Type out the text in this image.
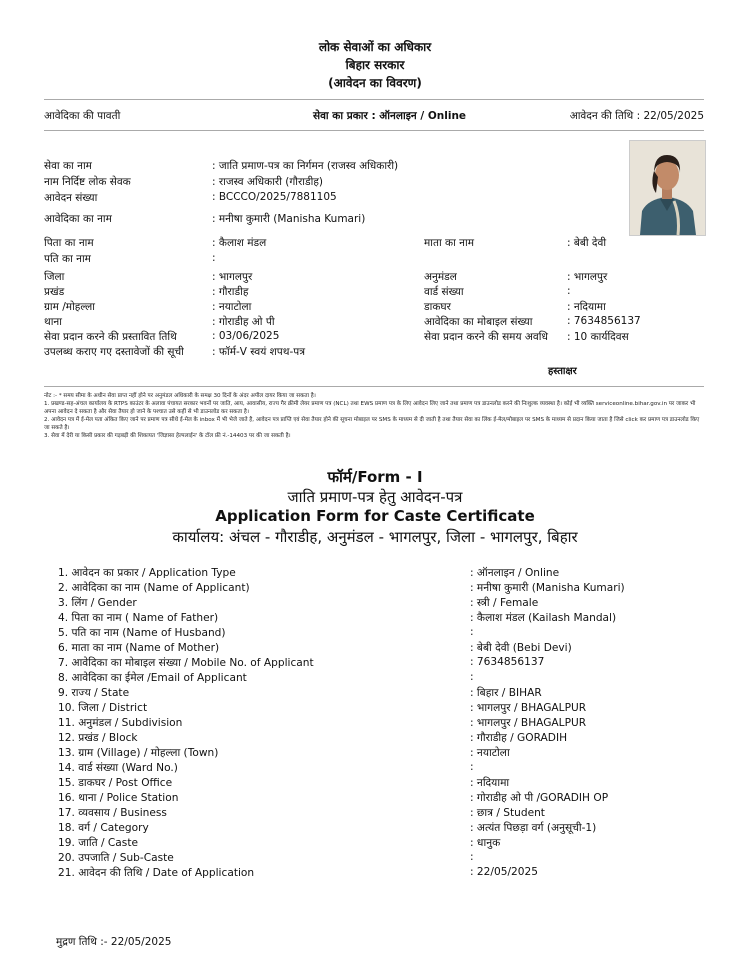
लोक सेवाओं का अधिकार
बिहार सरकार
(आवेदन का विवरण)
आवेदिका की पावती	सेवा का प्रकार : ऑनलाइन / Online	आवेदन की तिथि : 22/05/2025
सेवा का नाम	: जाति प्रमाण-पत्र का निर्गमन (राजस्व अधिकारी)
नाम निर्दिष्ट लोक सेवक	: राजस्व अधिकारी (गौराडीह)
आवेदन संख्या	: BCCCO/2025/7881105
आवेदिका का नाम	: मनीषा कुमारी (Manisha Kumari)
पिता का नाम	: कैलाश मंडल	माता का नाम	: बेबी देवी
पति का नाम	:
जिला	: भागलपुर	अनुमंडल	: भागलपुर
प्रखंड	: गौराडीह	वार्ड संख्या	:
ग्राम /मोहल्ला	: नयाटोला	डाकघर	: नदियामा
थाना	: गोराडीह ओ पी	आवेदिका का मोबाइल संख्या	: 7634856137
सेवा प्रदान करने की प्रस्तावित तिथि	: 03/06/2025	सेवा प्रदान करने की समय अवधि : 10 कार्यदिवस
उपलब्ध कराए गए दस्तावेजों की सूची	: फॉर्म-V स्वयं शपथ-पत्र
हस्ताक्षर
नोट :- * समय सीमा के अधीन सेवा प्राप्त नहीं होने पर अनुमंडल अधिकारी के समक्ष 30 दिनों के अंदर अपील दायर किया जा सकता है।
1. प्रखण्ड-सह-अंचल कार्यालय के RTPS काउंटर के अलावा पंचायत सरकार भवनों पर जाति, आय, आवासीय, राज्य गैर क्रीमी लेयर प्रमाण पत्र (NCL) तथा EWS प्रमाण पत्र के लिए आवेदन लिए जाने तथा प्रमाण पत्र डाउनलोड करने की निःशुल्क व्यवस्था है। कोई भी व्यक्ति serviceonline.bihar.gov.in पर जाकर भी अपना आवेदन दे सकता है और सेवा तैयार हो जाने के पश्चात उसे कहीं से भी डाउनलोड कर सकता है।
2. आवेदन पत्र में ई-मेल पता अंकित किए जाने पर प्रमाण पत्र सीधे ई-मेल के inbox में भी भेजे जाते है, आवेदन पत्र प्राप्ति एवं सेवा तैयार होने की सूचना मोबाइल पर SMS के माध्यम से दी जाती है तथा तैयार सेवा का लिंक ई-मेल/मोबाइल पर SMS के माध्यम से प्रदान किया जाता है जिसे click कर प्रमाण पत्र डाउनलोड किए जा सकते है।
3. सेवा में देरी या किसी प्रकार की गड़बड़ी की शिकायत 'जिज्ञासा हेल्पलाईन' के टॉल फ्री नं.-14403 पर की जा सकती है।
फॉर्म/Form - I
जाति प्रमाण-पत्र हेतु आवेदन-पत्र
Application Form for Caste Certificate
कार्यालय: अंचल - गौराडीह, अनुमंडल - भागलपुर, जिला - भागलपुर, बिहार
1. आवेदन का प्रकार / Application Type	: ऑनलाइन / Online
2. आवेदिका का नाम (Name of Applicant)	: मनीषा कुमारी (Manisha Kumari)
3. लिंग / Gender	: स्त्री / Female
4. पिता का नाम ( Name of Father)	: कैलाश मंडल (Kailash Mandal)
5. पति का नाम (Name of Husband)	:
6. माता का नाम (Name of Mother)	: बेबी देवी (Bebi Devi)
7. आवेदिका का मोबाइल संख्या / Mobile No. of Applicant	: 7634856137
8. आवेदिका का ईमेल /Email of Applicant	:
9. राज्य / State	: बिहार / BIHAR
10. जिला / District	: भागलपुर / BHAGALPUR
11. अनुमंडल / Subdivision	: भागलपुर / BHAGALPUR
12. प्रखंड / Block	: गौराडीह / GORADIH
13. ग्राम (Village) / मोहल्ला (Town)	: नयाटोला
14. वार्ड संख्या (Ward No.)	:
15. डाकघर / Post Office	: नदियामा
16. थाना / Police Station	: गोराडीह ओ पी /GORADIH OP
17. व्यवसाय / Business	: छात्र / Student
18. वर्ग / Category	: अत्यंत पिछड़ा वर्ग (अनुसूची-1)
19. जाति / Caste	: धानुक
20. उपजाति / Sub-Caste	:
21. आवेदन की तिथि / Date of Application	: 22/05/2025
मुद्रण तिथि :- 22/05/2025
